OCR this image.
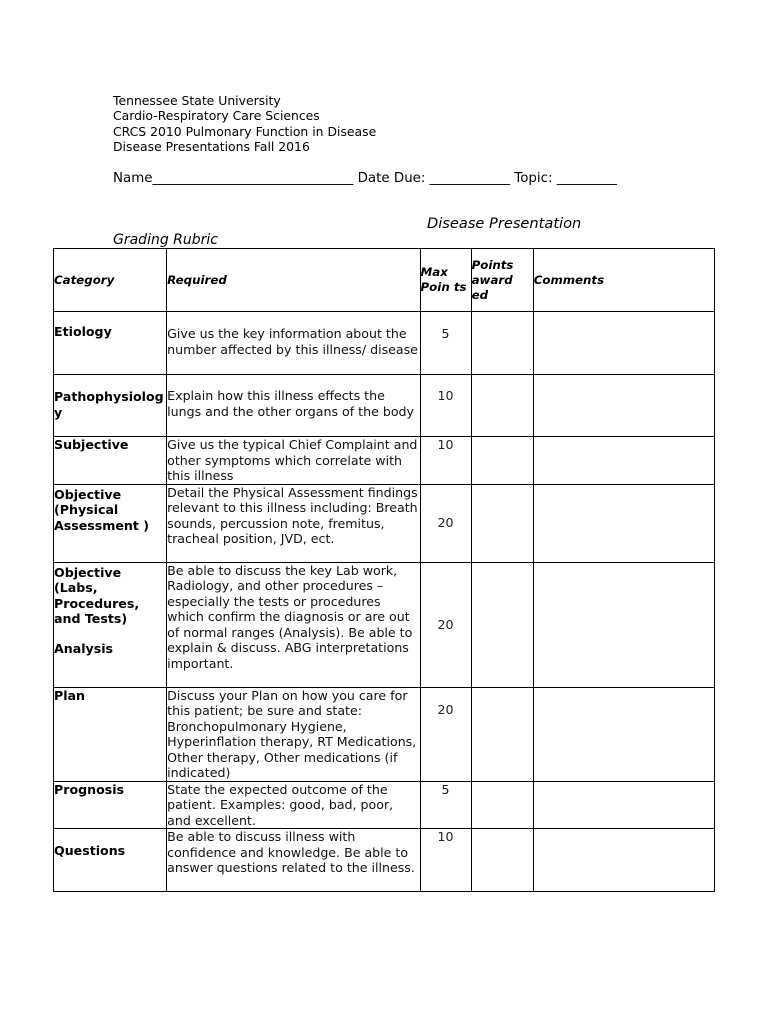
Tennessee State University
Cardio-Respiratory Care Sciences
CRCS 2010 Pulmonary Function in Disease
Disease Presentations Fall 2016
Name______________________________ Date Due: ____________ Topic: _________
Disease Presentation
Grading Rubric
Category	Required	Max Poin ts	Points award ed	Comments
Etiology	Give us the key information about the number affected by this illness/ disease	5		
Pathophysiology	Explain how this illness effects the lungs and the other organs of the body	10		
Subjective	Give us the typical Chief Complaint and other symptoms which correlate with this illness	10		
Objective (Physical Assessment )	Detail the Physical Assessment findings relevant to this illness including: Breath sounds, percussion note, fremitus, tracheal position, JVD, ect.	20		

Objective (Labs, Procedures, and Tests)
Analysis	Be able to discuss the key Lab work, Radiology, and other procedures –especially the tests or procedures which confirm the diagnosis or are out of normal ranges (Analysis). Be able to explain & discuss. ABG interpretations important.	20		
Plan	Discuss your Plan on how you care for this patient; be sure and state: Bronchopulmonary Hygiene, Hyperinflation therapy, RT Medications, Other therapy, Other medications (if indicated)	20		
Prognosis	State the expected outcome of the patient. Examples: good, bad, poor, and excellent.	5		
Questions	Be able to discuss illness with confidence and knowledge. Be able to answer questions related to the illness.	10		
